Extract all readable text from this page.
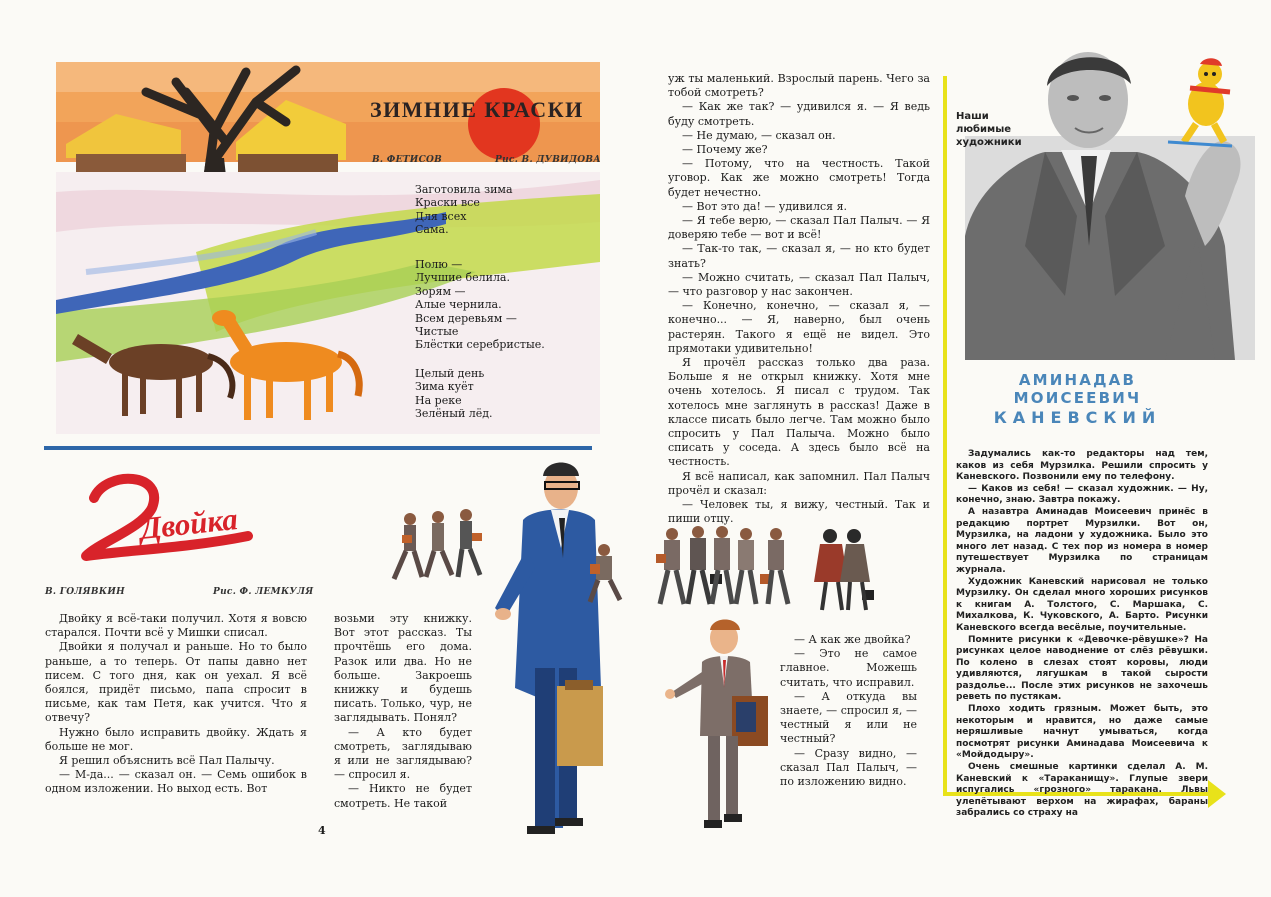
ЗИМНИЕ КРАСКИ
В. ФЕТИСОВ	Рис. В. ДУВИДОВА
Заготовила зима
Краски все
Для всех
Сама.
Полю —
Лучшие белила.
Зорям —
Алые чернила.
Всем деревьям —
Чистые
Блёстки серебристые.
Целый день
Зима куёт
На реке
Зелёный лёд.
Двойка
В. ГОЛЯВКИН	Рис. Ф. ЛЕМКУЛЯ

Двойку я всё-таки получил. Хотя я вовсю старался. Почти всё у Мишки списал.

Двойки я получал и раньше. Но то было раньше, а то теперь. От папы давно нет писем. С того дня, как он уехал. Я всё боялся, придёт письмо, папа спросит в письме, как там Петя, как учится. Что я отвечу?

Нужно было исправить двойку. Ждать я больше не мог.

Я решил объяснить всё Пал Палычу.

— М-да... — сказал он. — Семь ошибок в одном изложении. Но выход есть. Вот

возьми эту книжку. Вот этот рассказ. Ты прочтёшь его дома. Разок или два. Но не больше. Закроешь книжку и будешь писать. Только, чур, не заглядывать. Понял?

— А кто будет смотреть, заглядываю я или не заглядываю? — спросил я.

— Никто не будет смотреть. Не такой

уж ты маленький. Взрослый парень. Чего за тобой смотреть?

— Как же так? — удивился я. — Я ведь буду смотреть.

— Не думаю, — сказал он.

— Почему же?

— Потому, что на честность. Такой уговор. Как же можно смотреть! Тогда будет нечестно.

— Вот это да! — удивился я.

— Я тебе верю, — сказал Пал Палыч. — Я доверяю тебе — вот и всё!

— Так-то так, — сказал я, — но кто будет знать?

— Можно считать, — сказал Пал Палыч, — что разговор у нас закончен.

— Конечно, конечно, — сказал я, — конечно... — Я, наверно, был очень растерян. Такого я ещё не видел. Это прямотаки удивительно!

Я прочёл рассказ только два раза. Больше я не открыл книжку. Хотя мне очень хотелось. Я писал с трудом. Так хотелось мне заглянуть в рассказ! Даже в классе писать было легче. Там можно было спросить у Пал Палыча. Можно было списать у соседа. А здесь было всё на честность.

Я всё написал, как запомнил. Пал Палыч прочёл и сказал:

— Человек ты, я вижу, честный. Так и пиши отцу.

— А как же двойка?

— Это не самое главное. Можешь считать, что исправил.

— А откуда вы знаете, — спросил я, — честный я или не честный?

— Сразу видно, — сказал Пал Палыч, — по изложению видно.

4
Наши любимые художники
АМИНАДАВ МОИСЕЕВИЧ
КАНЕВСКИЙ

Задумались как-то редакторы над тем, каков из себя Мурзилка. Решили спросить у Каневского. Позвонили ему по телефону.

— Каков из себя! — сказал художник. — Ну, конечно, знаю. Завтра покажу.

А назавтра Аминадав Моисеевич принёс в редакцию портрет Мурзилки. Вот он, Мурзилка, на ладони у художника. Было это много лет назад. С тех пор из номера в номер путешествует Мурзилка по страницам журнала.

Художник Каневский нарисовал не только Мурзилку. Он сделал много хороших рисунков к книгам А. Толстого, С. Маршака, С. Михалкова, К. Чуковского, А. Барто. Рисунки Каневского всегда весёлые, поучительные.

Помните рисунки к «Девочке-рёвушке»? На рисунках целое наводнение от слёз рёвушки. По колено в слезах стоят коровы, люди удивляются, лягушкам в такой сырости раздолье... После этих рисунков не захочешь реветь по пустякам.

Плохо ходить грязным. Может быть, это некоторым и нравится, но даже самые неряшливые начнут умываться, когда посмотрят рисунки Аминадава Моисеевича к «Мойдодыру».

Очень смешные картинки сделал А. М. Каневский к «Тараканищу». Глупые звери испугались «грозного» таракана. Львы улепётывают верхом на жирафах, бараны забрались со страху на
